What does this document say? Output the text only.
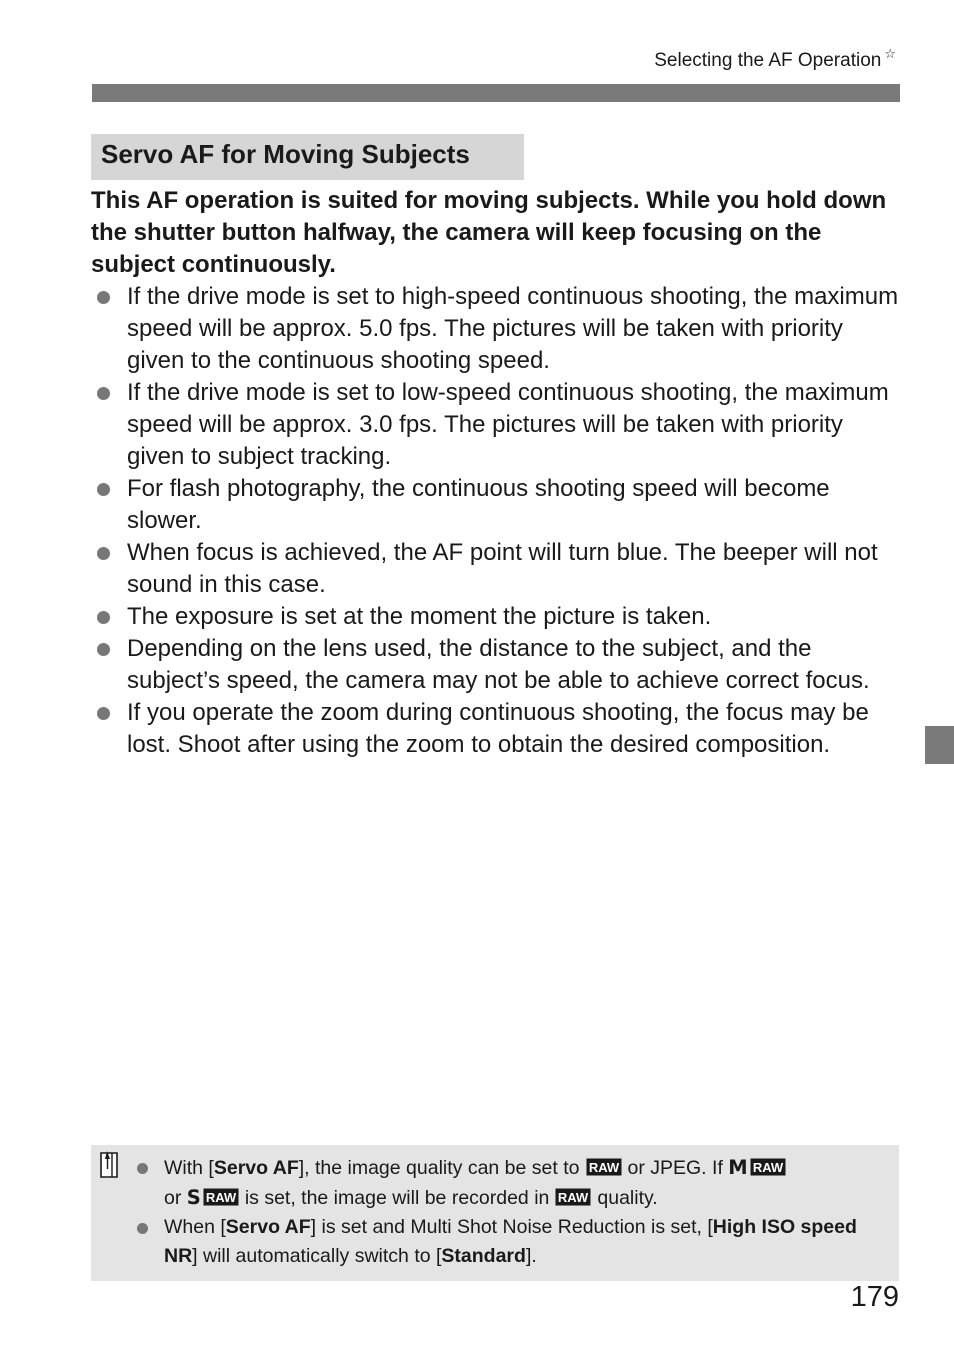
Selecting the AF Operation ☆
Servo AF for Moving Subjects
This AF operation is suited for moving subjects. While you hold down the shutter button halfway, the camera will keep focusing on the subject continuously.
If the drive mode is set to high-speed continuous shooting, the maximum speed will be approx. 5.0 fps. The pictures will be taken with priority given to the continuous shooting speed.
If the drive mode is set to low-speed continuous shooting, the maximum speed will be approx. 3.0 fps. The pictures will be taken with priority given to subject tracking.
For flash photography, the continuous shooting speed will become slower.
When focus is achieved, the AF point will turn blue. The beeper will not sound in this case.
The exposure is set at the moment the picture is taken.
Depending on the lens used, the distance to the subject, and the subject’s speed, the camera may not be able to achieve correct focus.
If you operate the zoom during continuous shooting, the focus may be lost. Shoot after using the zoom to obtain the desired composition.
With [Servo AF], the image quality can be set to RAW or JPEG. If M RAW

or S RAW is set, the image will be recorded in RAW quality.
When [Servo AF] is set and Multi Shot Noise Reduction is set, [High ISO speed NR] will automatically switch to [Standard].
179
